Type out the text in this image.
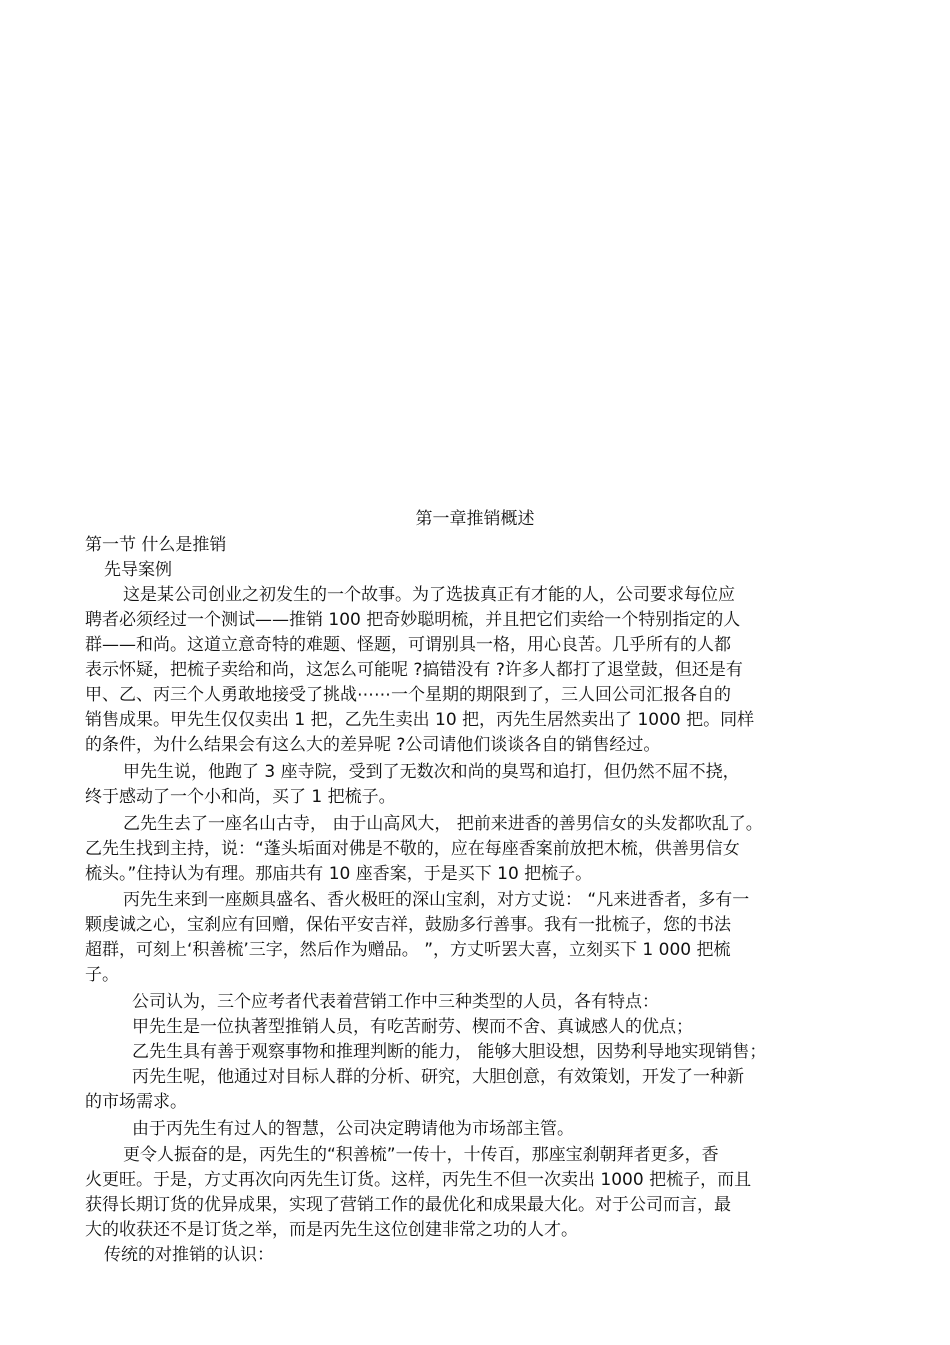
第一章推销概述
第一节 什么是推销
先导案例
这是某公司创业之初发生的一个故事。为了选拔真正有才能的人，公司要求每位应
聘者必须经过一个测试——推销 100 把奇妙聪明梳，并且把它们卖给一个特别指定的人
群——和尚。这道立意奇特的难题、怪题，可谓别具一格，用心良苦。几乎所有的人都
表示怀疑，把梳子卖给和尚，这怎么可能呢 ?搞错没有 ?许多人都打了退堂鼓，但还是有
甲、乙、丙三个人勇敢地接受了挑战⋯⋯一个星期的期限到了，三人回公司汇报各自的
销售成果。甲先生仅仅卖出 1 把，乙先生卖出 10 把，丙先生居然卖出了 1000 把。同样
的条件，为什么结果会有这么大的差异呢 ?公司请他们谈谈各自的销售经过。
甲先生说，他跑了 3 座寺院，受到了无数次和尚的臭骂和追打，但仍然不屈不挠，
终于感动了一个小和尚，买了 1 把梳子。
乙先生去了一座名山古寺， 由于山高风大， 把前来进香的善男信女的头发都吹乱了。
乙先生找到主持，说：“蓬头垢面对佛是不敬的，应在每座香案前放把木梳，供善男信女
梳头。”住持认为有理。那庙共有 10 座香案，于是买下 10 把梳子。
丙先生来到一座颇具盛名、香火极旺的深山宝刹，对方丈说： “凡来进香者，多有一
颗虔诚之心，宝刹应有回赠，保佑平安吉祥，鼓励多行善事。我有一批梳子，您的书法
超群，可刻上‘积善梳’三字，然后作为赠品。 ”，方丈听罢大喜，立刻买下 1 000 把梳
子。
公司认为，三个应考者代表着营销工作中三种类型的人员，各有特点：
甲先生是一位执著型推销人员，有吃苦耐劳、楔而不舍、真诚感人的优点；
乙先生具有善于观察事物和推理判断的能力， 能够大胆设想，因势利导地实现销售；
丙先生呢，他通过对目标人群的分析、研究，大胆创意，有效策划，开发了一种新
的市场需求。
由于丙先生有过人的智慧，公司决定聘请他为市场部主管。
更令人振奋的是，丙先生的“积善梳”一传十，十传百，那座宝刹朝拜者更多，香
火更旺。于是，方丈再次向丙先生订货。这样，丙先生不但一次卖出 1000 把梳子，而且
获得长期订货的优异成果，实现了营销工作的最优化和成果最大化。对于公司而言，最
大的收获还不是订货之举，而是丙先生这位创建非常之功的人才。
传统的对推销的认识：
